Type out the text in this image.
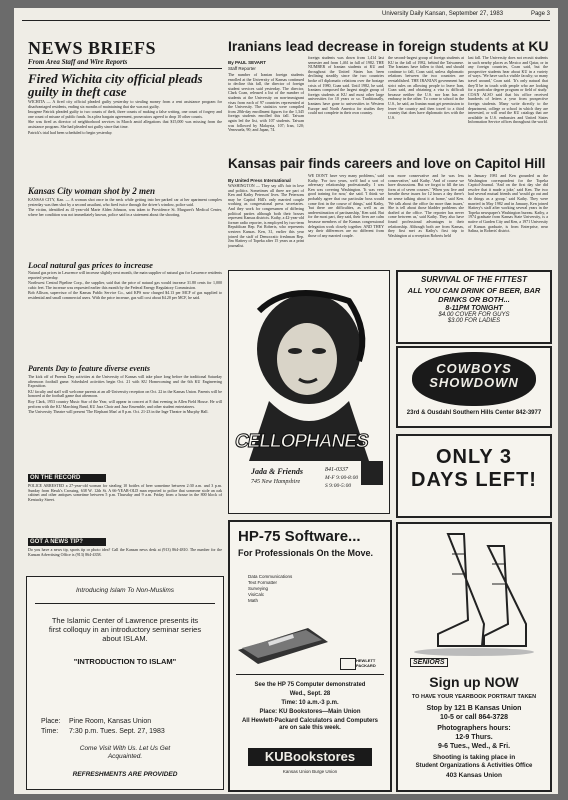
University Daily Kansan, September 27, 1983	Page 3
NEWS BRIEFS
From Area Staff and Wire Reports
Fired Wichita city official pleads guilty in theft case

WICHITA — A fired city official pleaded guilty yesterday to stealing money from a rent assistance program for disadvantaged residents, ending six months of maintaining that she was not guilty.

Imogene Patrick pleaded guilty to two counts of theft, three counts of making a false writing, one count of forgery and one count of misuse of public funds. In a plea bargain agreement, prosecutors agreed to drop 10 other counts.

She was fired as director of neighborhood services in March amid allegations that $15,000 was missing from the assistance program. She had pleaded not guilty since that time.

Patrick's trial had been scheduled to begin yesterday.

Kansas City woman shot by 2 men

KANSAS CITY, Kan. — A woman shot once in the neck while getting into her parked car at her apartment complex yesterday was then shot by a second assailant, who fired twice through the driver's window, police said.

The victim, identified as 41-year-old Marie Alden Johnson, was taken to Providence St. Margaret's Medical Center, where her condition was not immediately known, police said in a statement about the shooting.

Local natural gas prices to increase

Natural gas prices in Lawrence will increase slightly next month, the main supplier of natural gas for Lawrence residents reported yesterday.

Northwest Central Pipeline Corp., the supplier, said that the price of natural gas would increase 31.80 cents for 1,000 cubic feet. The increase was requested earlier this month by the Federal Energy Regulatory Commission.

Bob Allison, supervisor of the Kansas Public Service Co., said KPS now charged $4.13 per MCF of gas supplied to residential and small commercial users. With the price increase, gas will cost about $4.20 per MCF, he said.

Parents Day to feature diverse events

The kick off of Parents Day activities at the University of Kansas will take place long before the traditional Saturday afternoon football game. Scheduled activities begin Oct. 21 with KU Homecoming and the 6th KU Engineering Exposition.

KU faculty and staff will welcome parents at an all-University reception on Oct. 22 in the Kansas Union. Parents will be honored at the football game that afternoon.

Roy Clark, 1953 country Music Star of the Year, will appear in concert at 8 that evening in Allen Field House. He will perform with the KU Marching Band, KU Jazz Choir and Jazz Ensemble, and other student entertainers.

The University Theatre will present 'The Elephant Man' at 8 p.m. Oct. 21-23 in the Inge Theatre in Murphy Hall.

ON THE RECORD
POLICE ARRESTED a 27-year-old woman for stealing 10 bottles of beer sometime between 2:30 a.m. and 3 p.m. Sunday from Hawk's Crossing, 638 W. 12th St. A 66-YEAR-OLD man reported to police that someone stole an oak cabinet and other antiques sometime between 5 p.m. Thursday and 9 a.m. Friday from a house in the 800 block of Kentucky Street.
GOT A NEWS TIP?
Do you have a news tip, sports tip or photo idea? Call the Kansan news desk at (913) 864-4810. The number for the Kansan Advertising Office is (913) 864-4358.
Introducing Islam To Non-Muslims
The Islamic Center of Lawrence presents its first colloquy in an introductory seminar series about ISLAM.
"INTRODUCTION TO ISLAM"
Place: Pine Room, Kansas Union
Time: 7:30 p.m. Tues. Sept. 27, 1983
Come Visit With Us. Let Us Get Acquainted.
REFRESHMENTS ARE PROVIDED
Iranians lead decrease in foreign students at KU
By PAUL SEVART
Staff Reporter
The number of Iranian foreign students enrolled at the University of Kansas continued to decline this fall, the director of foreign student services said yesterday. The director, Clark Coan, released a list of the number of students at the University on non-immigrant visas from each of 97 countries represented at the University. The statistics were compiled from 20th-day enrollment figures for the 1,345 foreign students enrolled this fall. Taiwan again led the list, with 107 students. Taiwan was followed by Malaysia, 107; Iran, 120; Venezuela, 90; and Japan, 74.
foreign students was down from 1,414 last semester and from 1,461 in fall of 1982. THE NUMBER of Iranian students at KU and throughout the United States has been declining steadily since the two countries broke off diplomatic relations over the hostage crisis of 1980, Coan said. Until 1982, he said, Iranians composed the largest single group of foreign students at KU and most other large universities for 10 years or so. Traditionally, Iranians have gone to universities in Western Europe and North America for studies they could not complete in their own country.
the second-largest group of foreign students at KU in the fall of 1982, behind the Taiwanese. The Iranians have fallen to third, and should continue to fall, Coan said, unless diplomatic relations between the two countries are reestablished. THE IRANIAN government has strict rules on allowing people to leave Iran, Coan said, and obtaining a visa is difficult because neither the U.S. nor Iran has an embassy in the other. To come to school in the U.S., he said, an Iranian must get permission to leave the country and then travel to a third country that does have diplomatic ties with the U.S.
last fall. The University does not recruit students in such nearby places as Mexico and Qatar, or in any foreign countries, Coan said, but the prospective students hear about KU in a variety of ways. 'We have such a visible faculty; so many travel around,' Coan said. 'It's only natural that they'll be in touch with people who are looking for a particular degree program or field of study.' COAN ALSO said that his office received hundreds of letters a year from prospective foreign students. Many write directly to the department, college or school in which they are interested, or will read the KU catalogs that are available in U.S. embassies and United States Information Service offices throughout the world.
Kansas pair finds careers and love on Capitol Hill
By United Press International
WASHINGTON — They say all's fair in love and politics. Sometimes all three are part of Ken and Kathy Peterson' lives. The Petersons may be Capitol Hill's only married couple working as congressional press secretaries. And they work for congressmen of differing political parties although both their bosses represent Kansas districts. Kathy, a 42-year-old former radio reporter, is employed by two-term Republican Rep. Pat Roberts, who represents western Kansas. Ken, 31, earlier this year joined the staff of Democratic freshman Rep. Jim Slattery of Topeka after 15 years as a print journalist.
WE DON'T have very many problems,' said Kathy. 'For two years, we'd had a sort of adversary relationship professionally. I was Ken was covering Washington. 'It was very good training for now,' she said. 'I think we probably agree that our particular boss would come first in the course of things,' said Kathy, 'but there are difficulties, as well as an underestimation of partisanship,' Ken said. But for the most part, they said, their lives are calm because members of the Kansas congressional delegation work closely together. AND THEY say their differences are no different from those of any married couple.
was more conservative and he was less conservative,' said Kathy. 'And of course we have discussions. But we forgot to fill the tax form at of seven courses.' 'When you live and breathe these issues for 12 hours a day there's no sense talking about it at home,' said Ken. 'We talk about the office far more than issues,' She is tell about those bladder problems she drafted at the office. 'The reporter has never come between us,' said Kathy. They also have found professional advantages to their relationship. Although both are from Kansas, they first met as Kathy's first trip to Washington at a reception Roberts held
in January 1981 and Ken grounded as the Washington correspondent for the Topeka Capitol-Journal. 'And on the first day she did resolve that it made a joke,' said Ken. The two had several mutual friends and 'would go out and do things as a group.' said Kathy. They were married in May 1982 and in January, Ken joined Slattery's staff after working several years in the Topeka newspaper's Washington bureau. Kathy, a 1974 graduate from Kansas State University, is a native of Garden City and Ken, a 1971 University of Kansas graduate, is from Enterprise, near Salina, in Roberts' district.
CELLOPHANES
Jada & Friends
745 New Hampshire
841-0337
M-F 9:00-8:00
S 9:00-5:00
SURVIVAL OF THE FITTEST
ALL YOU CAN DRINK OF BEER, BAR DRINKS OR BOTH...
8-11PM TONIGHT
$4.00 COVER FOR GUYS
$3.00 FOR LADIES
COWBOYS SHOWDOWN
23rd & Ousdahl Southern Hills Center 842-3977
ONLY 3
DAYS LEFT!
HP-75 Software...
For Professionals On the Move.
Data Communications
Text Formatter
Surveying
VisiCalc
Math
HEWLETT PACKARD
See the HP 75 Computer demonstrated
Wed., Sept. 28
Time: 10 a.m.-3 p.m.
Place: KU Bookstores—Main Union
All Hewlett-Packard Calculators and Computers are on sale this week.
KUBookstores
Kansas Union Burge Union
SENIORS
Sign up NOW
TO HAVE YOUR YEARBOOK PORTRAIT TAKEN
Stop by 121 B Kansas Union
10-5 or call 864-3728
Photographers hours:
12-9 Thurs.
9-6 Tues., Wed., & Fri.
Shooting is taking place in
Student Organizations & Activities Office
403 Kansas Union
